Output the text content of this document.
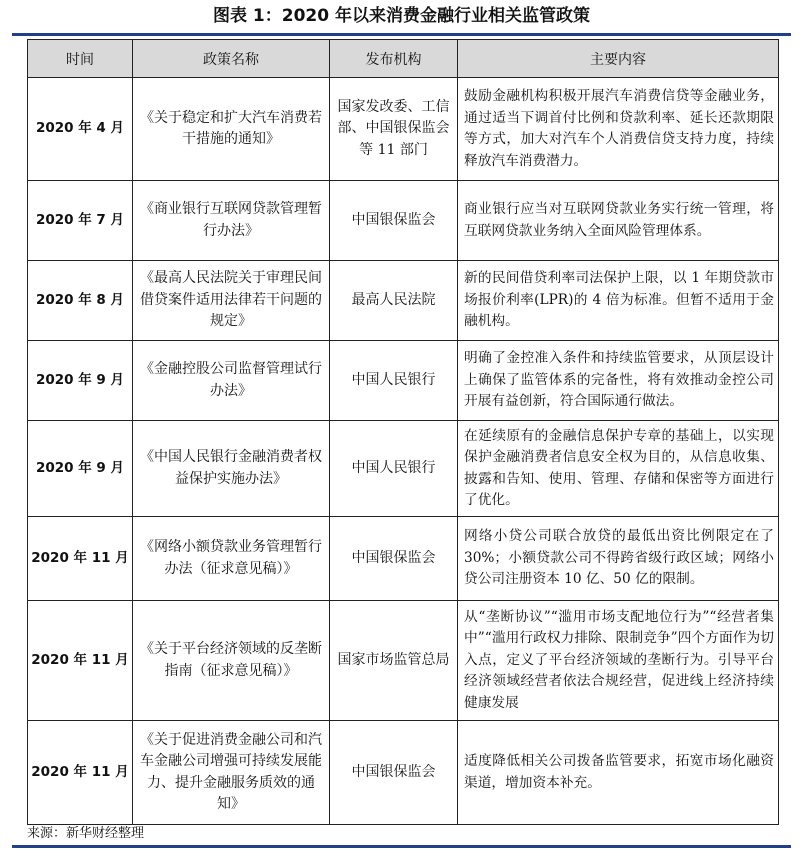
图表 1：2020 年以来消费金融行业相关监管政策
时间	政策名称	发布机构	主要内容
2020 年 4 月	《关于稳定和扩大汽车消费若干措施的通知》	国家发改委、工信部、中国银保监会等 11 部门	鼓励金融机构积极开展汽车消费信贷等金融业务，通过适当下调首付比例和贷款利率、延长还款期限等方式，加大对汽车个人消费信贷支持力度，持续释放汽车消费潜力。
2020 年 7 月	《商业银行互联网贷款管理暂行办法》	中国银保监会	商业银行应当对互联网贷款业务实行统一管理，将互联网贷款业务纳入全面风险管理体系。
2020 年 8 月	《最高人民法院关于审理民间借贷案件适用法律若干问题的规定》	最高人民法院	新的民间借贷利率司法保护上限，以 1 年期贷款市场报价利率(LPR)的 4 倍为标准。但暂不适用于金融机构。
2020 年 9 月	《金融控股公司监督管理试行办法》	中国人民银行	明确了金控准入条件和持续监管要求，从顶层设计上确保了监管体系的完备性，将有效推动金控公司开展有益创新，符合国际通行做法。
2020 年 9 月	《中国人民银行金融消费者权益保护实施办法》	中国人民银行	在延续原有的金融信息保护专章的基础上，以实现保护金融消费者信息安全权为目的，从信息收集、披露和告知、使用、管理、存储和保密等方面进行了优化。
2020 年 11 月	《网络小额贷款业务管理暂行办法（征求意见稿）》	中国银保监会	网络小贷公司联合放贷的最低出资比例限定在了30%；小额贷款公司不得跨省级行政区域；网络小贷公司注册资本 10 亿、50 亿的限制。
2020 年 11 月	《关于平台经济领域的反垄断指南（征求意见稿）》	国家市场监管总局	从“垄断协议”“滥用市场支配地位行为”“经营者集中”“滥用行政权力排除、限制竞争”四个方面作为切入点，定义了平台经济领域的垄断行为。引导平台经济领域经营者依法合规经营，促进线上经济持续健康发展
2020 年 11 月	《关于促进消费金融公司和汽车金融公司增强可持续发展能力、提升金融服务质效的通知》	中国银保监会	适度降低相关公司拨备监管要求，拓宽市场化融资渠道，增加资本补充。
来源：新华财经整理
